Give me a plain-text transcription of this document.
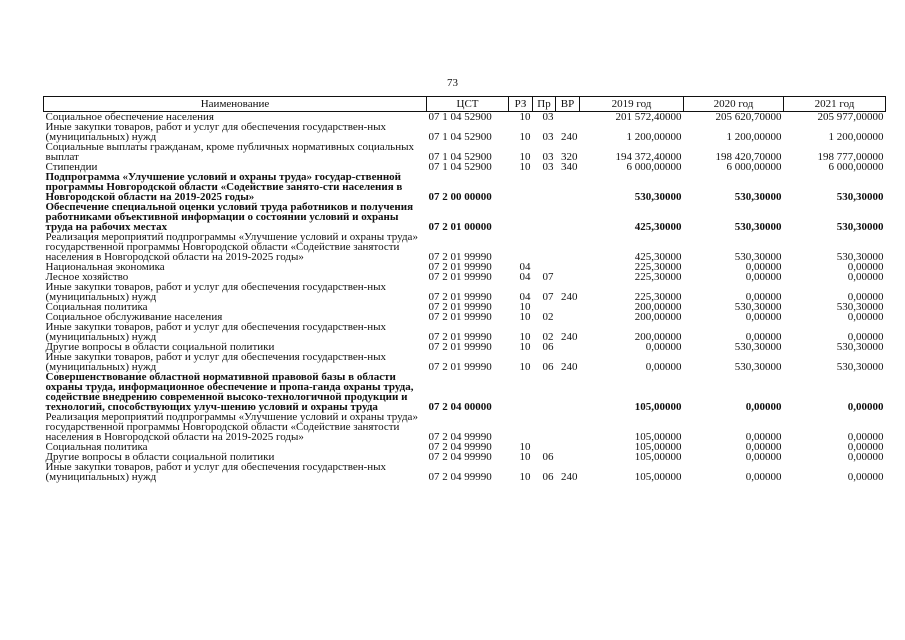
73
Наименование	ЦСТ	РЗ	Пр	ВР	2019 год	2020 год	2021 год
Социальное обеспечение населения	07 1 04 52900	10	03		201 572,40000	205 620,70000	205 977,00000
Иные закупки товаров, работ и услуг для обеспечения государствен-ных (муниципальных) нужд	07 1 04 52900	10	03	240	1 200,00000	1 200,00000	1 200,00000
Социальные выплаты гражданам, кроме публичных нормативных социальных выплат	07 1 04 52900	10	03	320	194 372,40000	198 420,70000	198 777,00000
Стипендии	07 1 04 52900	10	03	340	6 000,00000	6 000,00000	6 000,00000
Подпрограмма «Улучшение условий и охраны труда» государ-ственной программы Новгородской области «Содействие занято-сти населения в Новгородской области на 2019-2025 годы»	07 2 00 00000				530,30000	530,30000	530,30000
Обеспечение специальной оценки условий труда работников и получения работниками объективной информации о состоянии условий и охраны труда на рабочих местах	07 2 01 00000				425,30000	530,30000	530,30000
Реализация мероприятий подпрограммы «Улучшение условий и охраны труда» государственной программы Новгородской области «Содействие занятости населения в Новгородской области на 2019-2025 годы»	07 2 01 99990				425,30000	530,30000	530,30000
Национальная экономика	07 2 01 99990	04			225,30000	0,00000	0,00000
Лесное хозяйство	07 2 01 99990	04	07		225,30000	0,00000	0,00000
Иные закупки товаров, работ и услуг для обеспечения государствен-ных (муниципальных) нужд	07 2 01 99990	04	07	240	225,30000	0,00000	0,00000
Социальная политика	07 2 01 99990	10			200,00000	530,30000	530,30000
Социальное обслуживание населения	07 2 01 99990	10	02		200,00000	0,00000	0,00000
Иные закупки товаров, работ и услуг для обеспечения государствен-ных (муниципальных) нужд	07 2 01 99990	10	02	240	200,00000	0,00000	0,00000
Другие вопросы в области социальной политики	07 2 01 99990	10	06		0,00000	530,30000	530,30000
Иные закупки товаров, работ и услуг для обеспечения государствен-ных (муниципальных) нужд	07 2 01 99990	10	06	240	0,00000	530,30000	530,30000
Совершенствование областной нормативной правовой базы в области охраны труда, информационное обеспечение и пропа-ганда охраны труда, содействие внедрению современной высоко-технологичной продукции и технологий, способствующих улуч-шению условий и охраны труда	07 2 04 00000				105,00000	0,00000	0,00000
Реализация мероприятий подпрограммы «Улучшение условий и охраны труда» государственной программы Новгородской области «Содействие занятости населения в Новгородской области на 2019-2025 годы»	07 2 04 99990				105,00000	0,00000	0,00000
Социальная политика	07 2 04 99990	10			105,00000	0,00000	0,00000
Другие вопросы в области социальной политики	07 2 04 99990	10	06		105,00000	0,00000	0,00000
Иные закупки товаров, работ и услуг для обеспечения государствен-ных (муниципальных) нужд	07 2 04 99990	10	06	240	105,00000	0,00000	0,00000
